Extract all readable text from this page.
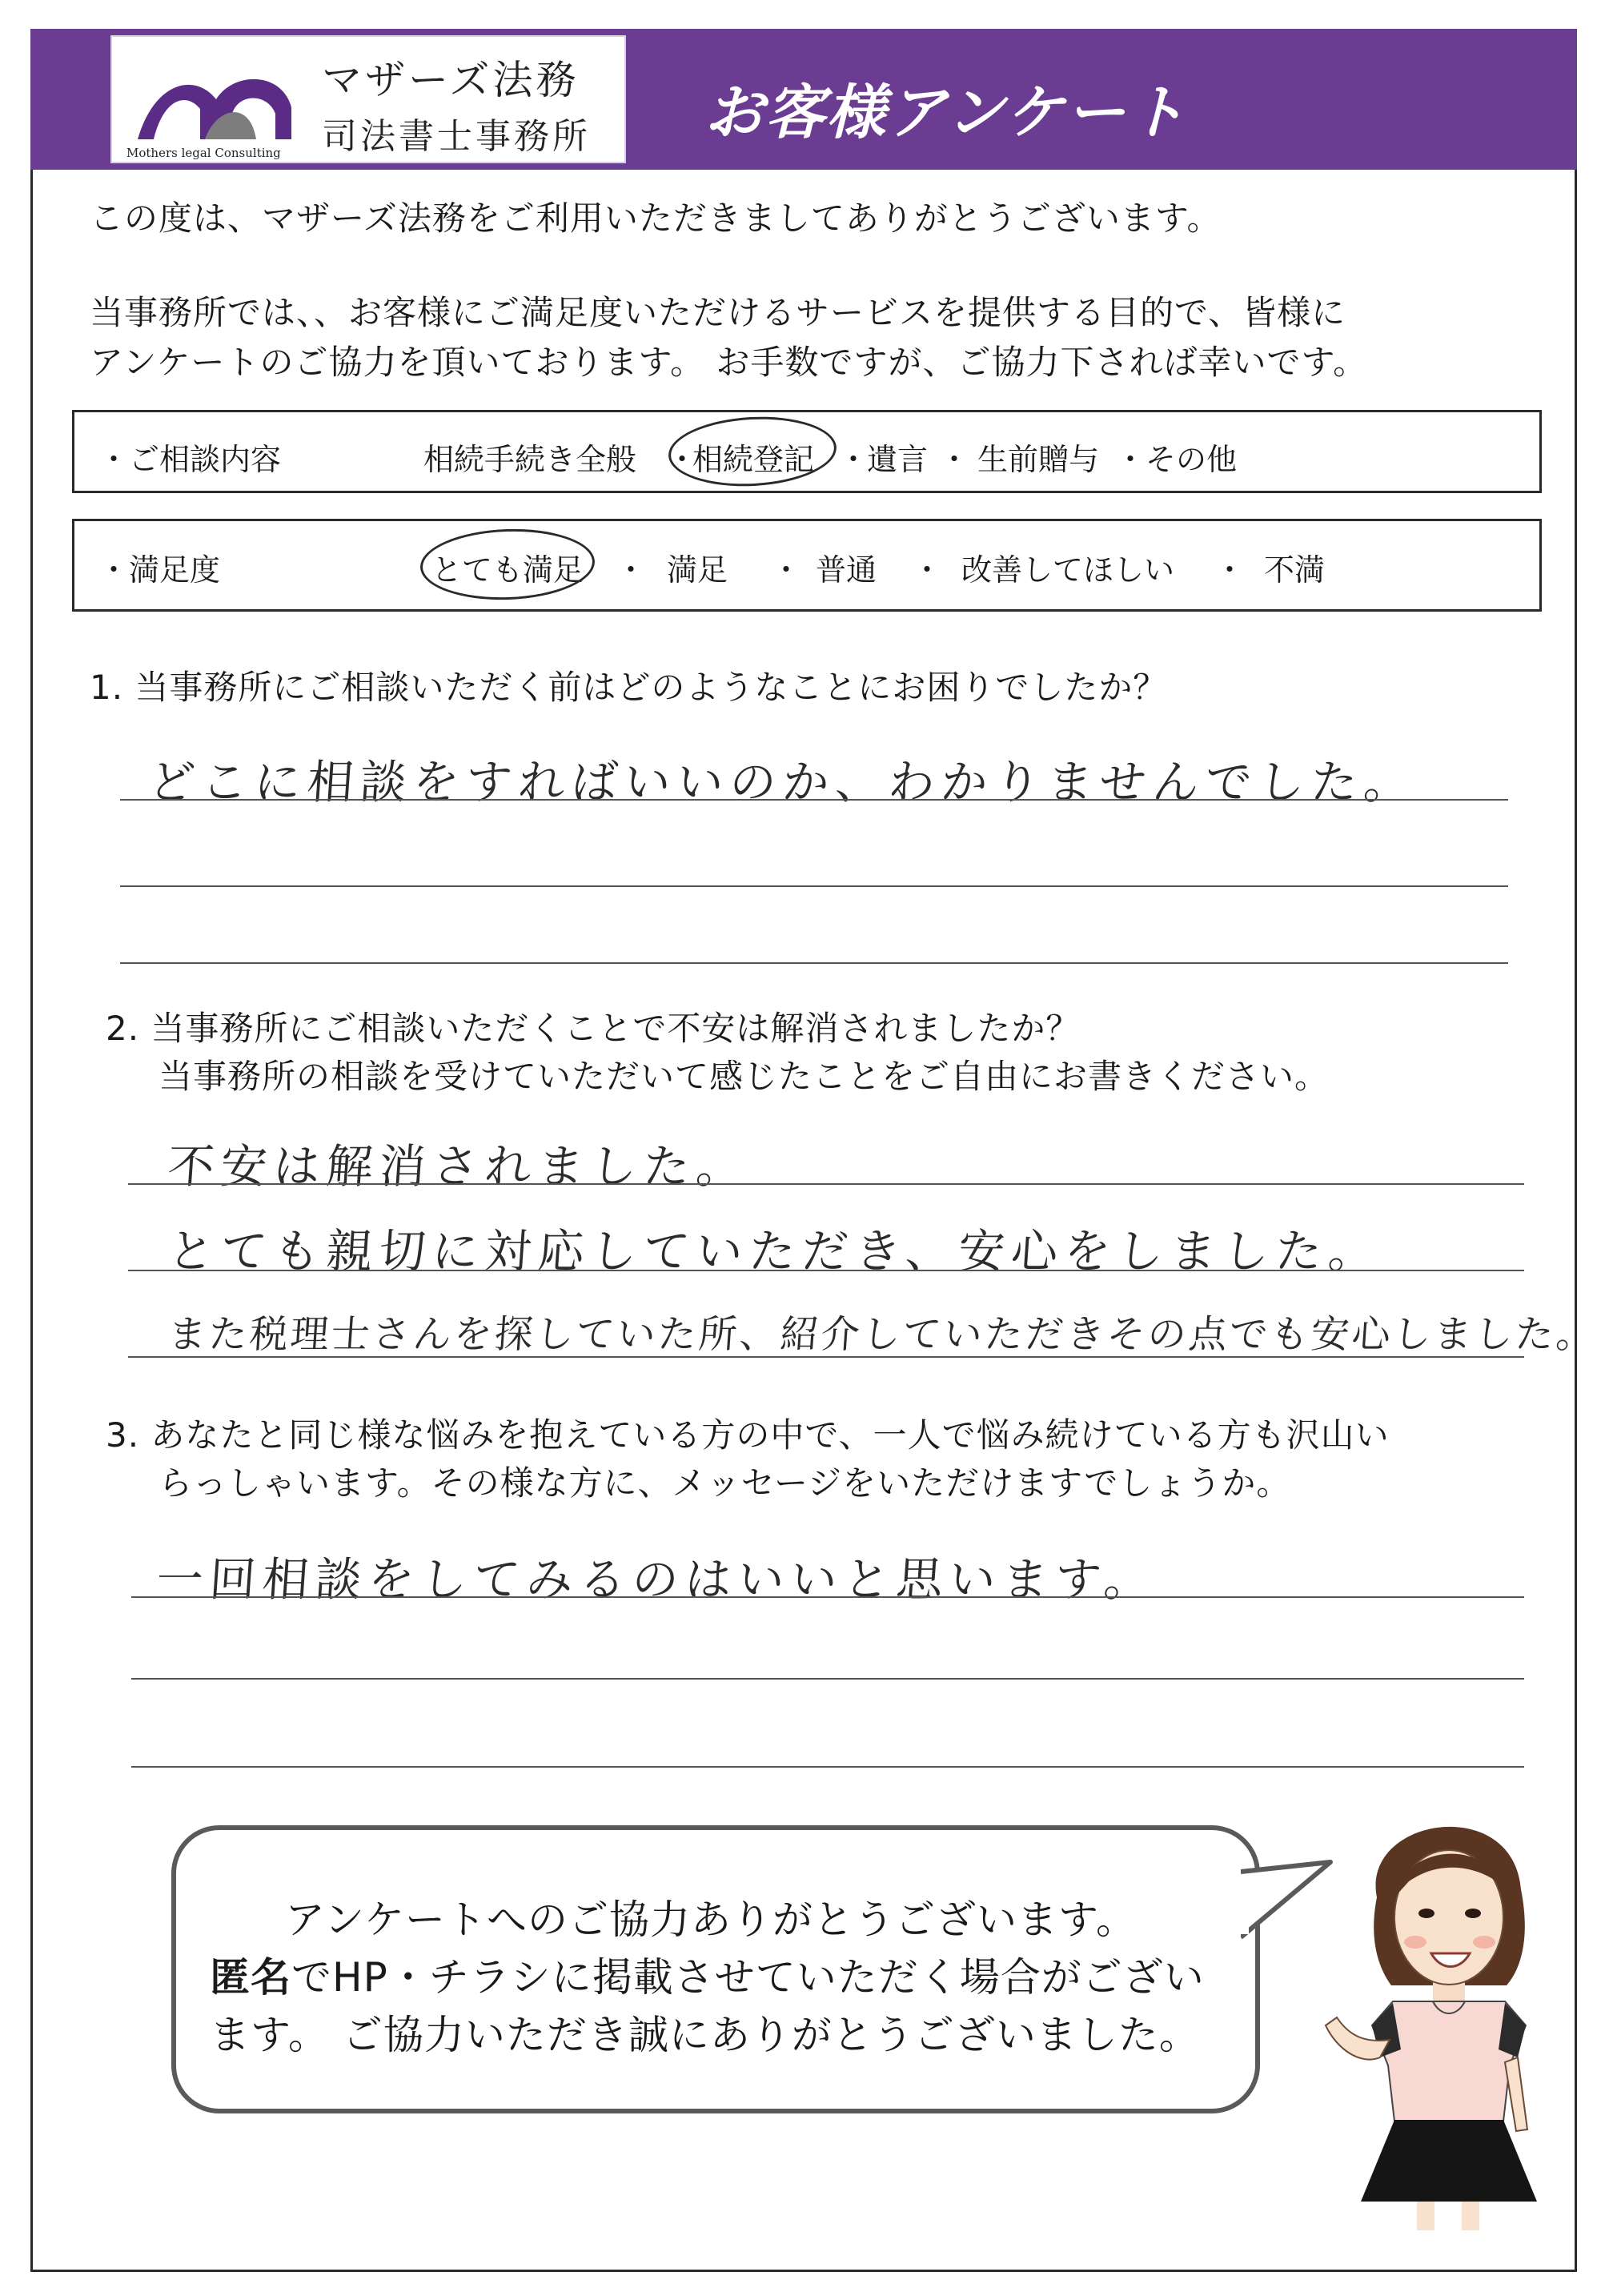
Mothers legal Consulting
マザーズ法務
司法書士事務所 お客様アンケート
この度は、マザーズ法務をご利用いただきましてありがとうございます。
当事務所では、、お客様にご満足度いただけるサービスを提供する目的で、皆様に
アンケートのご協力を頂いております。 お手数ですが、ご協力下されば幸いです。
・ご相談内容	相続手続き全般 ・
相続登記 ・
遺言 ・ 生前贈与 ・ その他
・満足度	とても満足 ・ 満足 ・ 普通 ・ 改善してほしい ・ 不満
1. 当事務所にご相談いただく前はどのようなことにお困りでしたか？
どこに相談をすればいいのか、わかりませんでした。
2. 当事務所にご相談いただくことで不安は解消されましたか？
当事務所の相談を受けていただいて感じたことをご自由にお書きください。
不安は解消されました。
とても親切に対応していただき、安心をしました。
また税理士さんを探していた所、紹介していただきその点でも安心しました。
3. あなたと同じ様な悩みを抱えている方の中で、一人で悩み続けている方も沢山い
らっしゃいます。その様な方に、メッセージをいただけますでしょうか。
一回相談をしてみるのはいいと思います。
アンケートへのご協力ありがとうございます。
匿名でHP・チラシに掲載させていただく場合がござい
ます。 ご協力いただき誠にありがとうございました。
